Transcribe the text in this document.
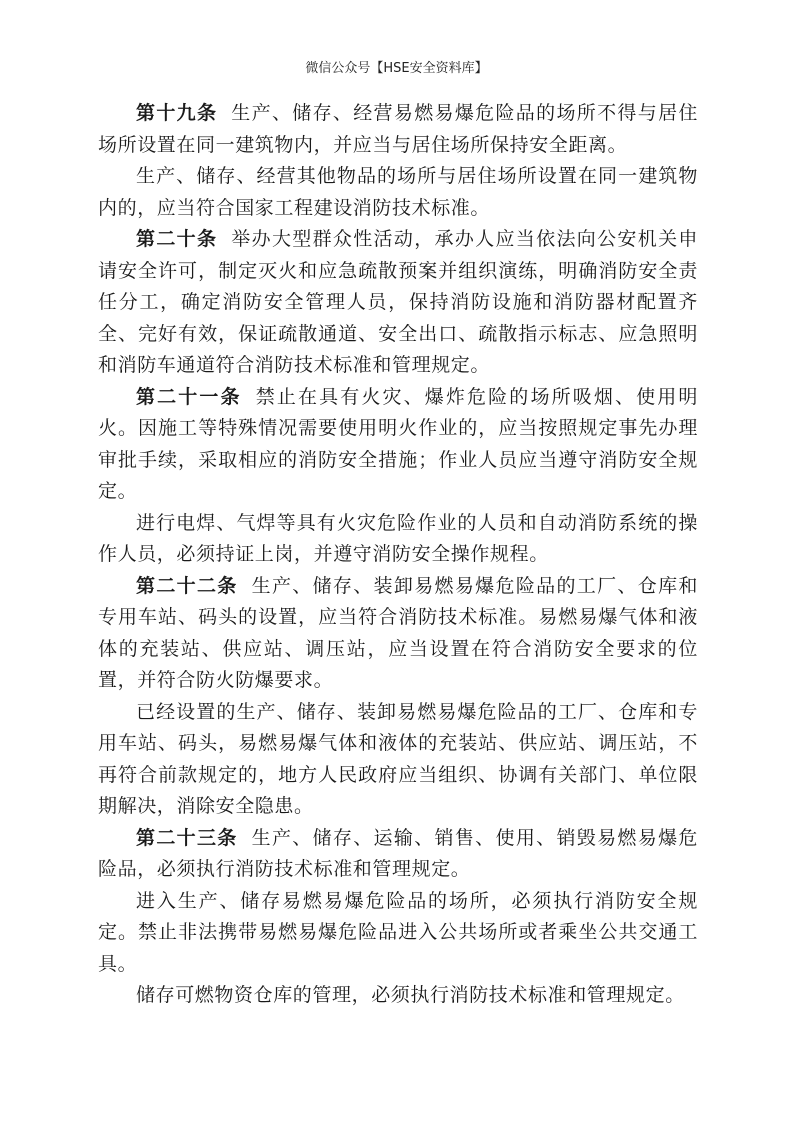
微信公众号【HSE安全资料库】

第十九条 生产、储存、经营易燃易爆危险品的场所不得与居住场所设置在同一建筑物内，并应当与居住场所保持安全距离。

生产、储存、经营其他物品的场所与居住场所设置在同一建筑物内的，应当符合国家工程建设消防技术标准。

第二十条 举办大型群众性活动，承办人应当依法向公安机关申请安全许可，制定灭火和应急疏散预案并组织演练，明确消防安全责任分工，确定消防安全管理人员，保持消防设施和消防器材配置齐全、完好有效，保证疏散通道、安全出口、疏散指示标志、应急照明和消防车通道符合消防技术标准和管理规定。

第二十一条 禁止在具有火灾、爆炸危险的场所吸烟、使用明火。因施工等特殊情况需要使用明火作业的，应当按照规定事先办理审批手续，采取相应的消防安全措施；作业人员应当遵守消防安全规定。

进行电焊、气焊等具有火灾危险作业的人员和自动消防系统的操作人员，必须持证上岗，并遵守消防安全操作规程。

第二十二条 生产、储存、装卸易燃易爆危险品的工厂、仓库和专用车站、码头的设置，应当符合消防技术标准。易燃易爆气体和液体的充装站、供应站、调压站，应当设置在符合消防安全要求的位置，并符合防火防爆要求。

已经设置的生产、储存、装卸易燃易爆危险品的工厂、仓库和专用车站、码头，易燃易爆气体和液体的充装站、供应站、调压站，不再符合前款规定的，地方人民政府应当组织、协调有关部门、单位限期解决，消除安全隐患。

第二十三条 生产、储存、运输、销售、使用、销毁易燃易爆危险品，必须执行消防技术标准和管理规定。

进入生产、储存易燃易爆危险品的场所，必须执行消防安全规定。禁止非法携带易燃易爆危险品进入公共场所或者乘坐公共交通工具。

储存可燃物资仓库的管理，必须执行消防技术标准和管理规定。
